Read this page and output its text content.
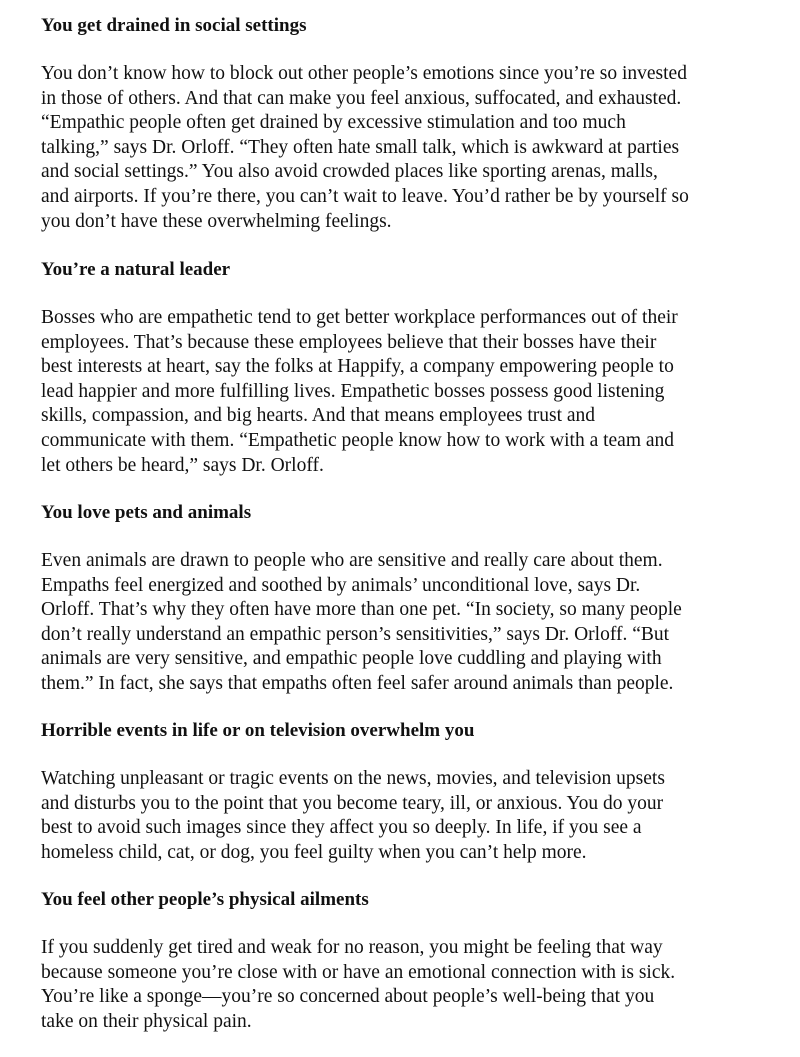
You get drained in social settings
You don’t know how to block out other people’s emotions since you’re so invested
in those of others. And that can make you feel anxious, suffocated, and exhausted.
“Empathic people often get drained by excessive stimulation and too much
talking,” says Dr. Orloff. “They often hate small talk, which is awkward at parties
and social settings.” You also avoid crowded places like sporting arenas, malls,
and airports. If you’re there, you can’t wait to leave. You’d rather be by yourself so
you don’t have these overwhelming feelings.
You’re a natural leader
Bosses who are empathetic tend to get better workplace performances out of their
employees. That’s because these employees believe that their bosses have their
best interests at heart, say the folks at Happify, a company empowering people to
lead happier and more fulfilling lives. Empathetic bosses possess good listening
skills, compassion, and big hearts. And that means employees trust and
communicate with them. “Empathetic people know how to work with a team and
let others be heard,” says Dr. Orloff.
You love pets and animals
Even animals are drawn to people who are sensitive and really care about them.
Empaths feel energized and soothed by animals’ unconditional love, says Dr.
Orloff. That’s why they often have more than one pet. “In society, so many people
don’t really understand an empathic person’s sensitivities,” says Dr. Orloff. “But
animals are very sensitive, and empathic people love cuddling and playing with
them.” In fact, she says that empaths often feel safer around animals than people.
Horrible events in life or on television overwhelm you
Watching unpleasant or tragic events on the news, movies, and television upsets
and disturbs you to the point that you become teary, ill, or anxious. You do your
best to avoid such images since they affect you so deeply. In life, if you see a
homeless child, cat, or dog, you feel guilty when you can’t help more.
You feel other people’s physical ailments
If you suddenly get tired and weak for no reason, you might be feeling that way
because someone you’re close with or have an emotional connection with is sick.
You’re like a sponge—you’re so concerned about people’s well-being that you
take on their physical pain.
